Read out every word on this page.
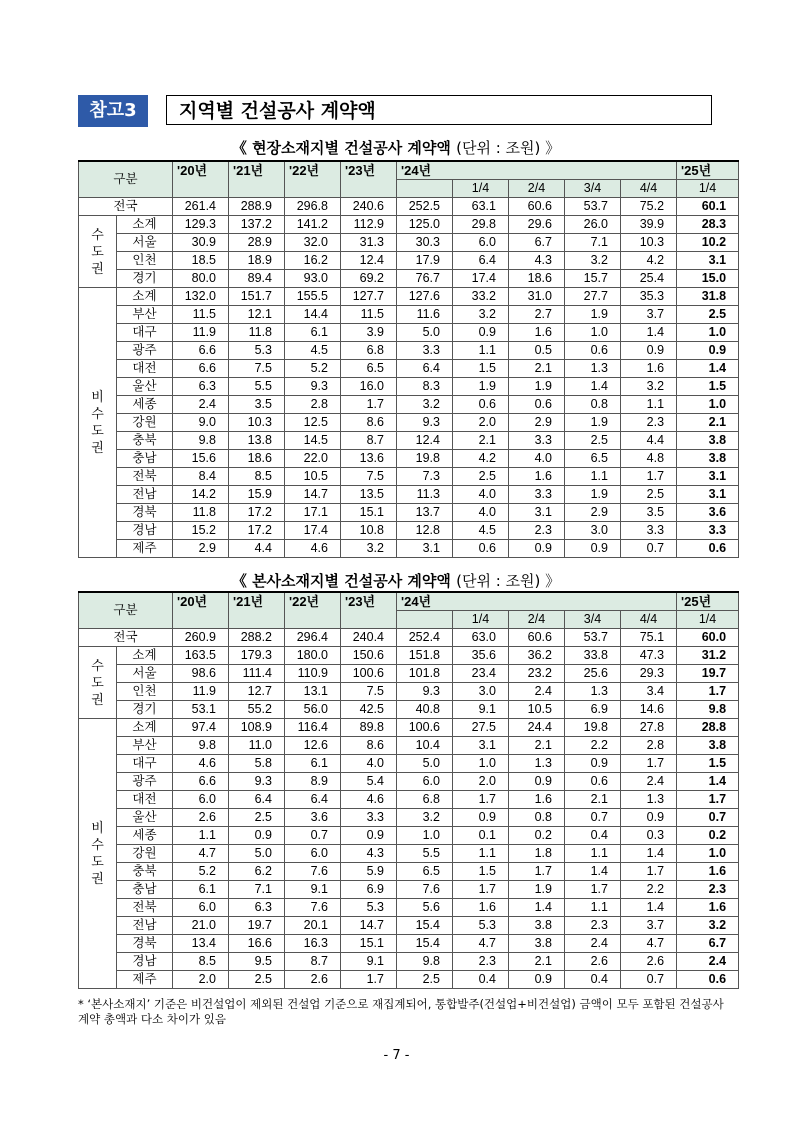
참고3	지역별 건설공사 계약액
《 현장소재지별 건설공사 계약액 (단위 : 조원) 》
구분		'20년	'21년	'22년	'23년	'24년					'25년
							1/4	2/4	3/4	4/4	1/4
전국		261.4	288.9	296.8	240.6	252.5	63.1	60.6	53.7	75.2	60.1
수도권	소계	129.3	137.2	141.2	112.9	125.0	29.8	29.6	26.0	39.9	28.3
	서울	30.9	28.9	32.0	31.3	30.3	6.0	6.7	7.1	10.3	10.2
	인천	18.5	18.9	16.2	12.4	17.9	6.4	4.3	3.2	4.2	3.1
	경기	80.0	89.4	93.0	69.2	76.7	17.4	18.6	15.7	25.4	15.0
비수도권	소계	132.0	151.7	155.5	127.7	127.6	33.2	31.0	27.7	35.3	31.8
	부산	11.5	12.1	14.4	11.5	11.6	3.2	2.7	1.9	3.7	2.5
	대구	11.9	11.8	6.1	3.9	5.0	0.9	1.6	1.0	1.4	1.0
	광주	6.6	5.3	4.5	6.8	3.3	1.1	0.5	0.6	0.9	0.9
	대전	6.6	7.5	5.2	6.5	6.4	1.5	2.1	1.3	1.6	1.4
	울산	6.3	5.5	9.3	16.0	8.3	1.9	1.9	1.4	3.2	1.5
	세종	2.4	3.5	2.8	1.7	3.2	0.6	0.6	0.8	1.1	1.0
	강원	9.0	10.3	12.5	8.6	9.3	2.0	2.9	1.9	2.3	2.1
	충북	9.8	13.8	14.5	8.7	12.4	2.1	3.3	2.5	4.4	3.8
	충남	15.6	18.6	22.0	13.6	19.8	4.2	4.0	6.5	4.8	3.8
	전북	8.4	8.5	10.5	7.5	7.3	2.5	1.6	1.1	1.7	3.1
	전남	14.2	15.9	14.7	13.5	11.3	4.0	3.3	1.9	2.5	3.1
	경북	11.8	17.2	17.1	15.1	13.7	4.0	3.1	2.9	3.5	3.6
	경남	15.2	17.2	17.4	10.8	12.8	4.5	2.3	3.0	3.3	3.3
	제주	2.9	4.4	4.6	3.2	3.1	0.6	0.9	0.9	0.7	0.6
《 본사소재지별 건설공사 계약액 (단위 : 조원) 》
구분		'20년	'21년	'22년	'23년	'24년					'25년
							1/4	2/4	3/4	4/4	1/4
전국		260.9	288.2	296.4	240.4	252.4	63.0	60.6	53.7	75.1	60.0
수도권	소계	163.5	179.3	180.0	150.6	151.8	35.6	36.2	33.8	47.3	31.2
	서울	98.6	111.4	110.9	100.6	101.8	23.4	23.2	25.6	29.3	19.7
	인천	11.9	12.7	13.1	7.5	9.3	3.0	2.4	1.3	3.4	1.7
	경기	53.1	55.2	56.0	42.5	40.8	9.1	10.5	6.9	14.6	9.8
비수도권	소계	97.4	108.9	116.4	89.8	100.6	27.5	24.4	19.8	27.8	28.8
	부산	9.8	11.0	12.6	8.6	10.4	3.1	2.1	2.2	2.8	3.8
	대구	4.6	5.8	6.1	4.0	5.0	1.0	1.3	0.9	1.7	1.5
	광주	6.6	9.3	8.9	5.4	6.0	2.0	0.9	0.6	2.4	1.4
	대전	6.0	6.4	6.4	4.6	6.8	1.7	1.6	2.1	1.3	1.7
	울산	2.6	2.5	3.6	3.3	3.2	0.9	0.8	0.7	0.9	0.7
	세종	1.1	0.9	0.7	0.9	1.0	0.1	0.2	0.4	0.3	0.2
	강원	4.7	5.0	6.0	4.3	5.5	1.1	1.8	1.1	1.4	1.0
	충북	5.2	6.2	7.6	5.9	6.5	1.5	1.7	1.4	1.7	1.6
	충남	6.1	7.1	9.1	6.9	7.6	1.7	1.9	1.7	2.2	2.3
	전북	6.0	6.3	7.6	5.3	5.6	1.6	1.4	1.1	1.4	1.6
	전남	21.0	19.7	20.1	14.7	15.4	5.3	3.8	2.3	3.7	3.2
	경북	13.4	16.6	16.3	15.1	15.4	4.7	3.8	2.4	4.7	6.7
	경남	8.5	9.5	8.7	9.1	9.8	2.3	2.1	2.6	2.6	2.4
	제주	2.0	2.5	2.6	1.7	2.5	0.4	0.9	0.4	0.7	0.6
* ‘본사소재지’ 기준은 비건설업이 제외된 건설업 기준으로 재집계되어, 통합발주(건설업+비건설업) 금액이 모두 포함된 건설공사계약 총액과 다소 차이가 있음
- 7 -
